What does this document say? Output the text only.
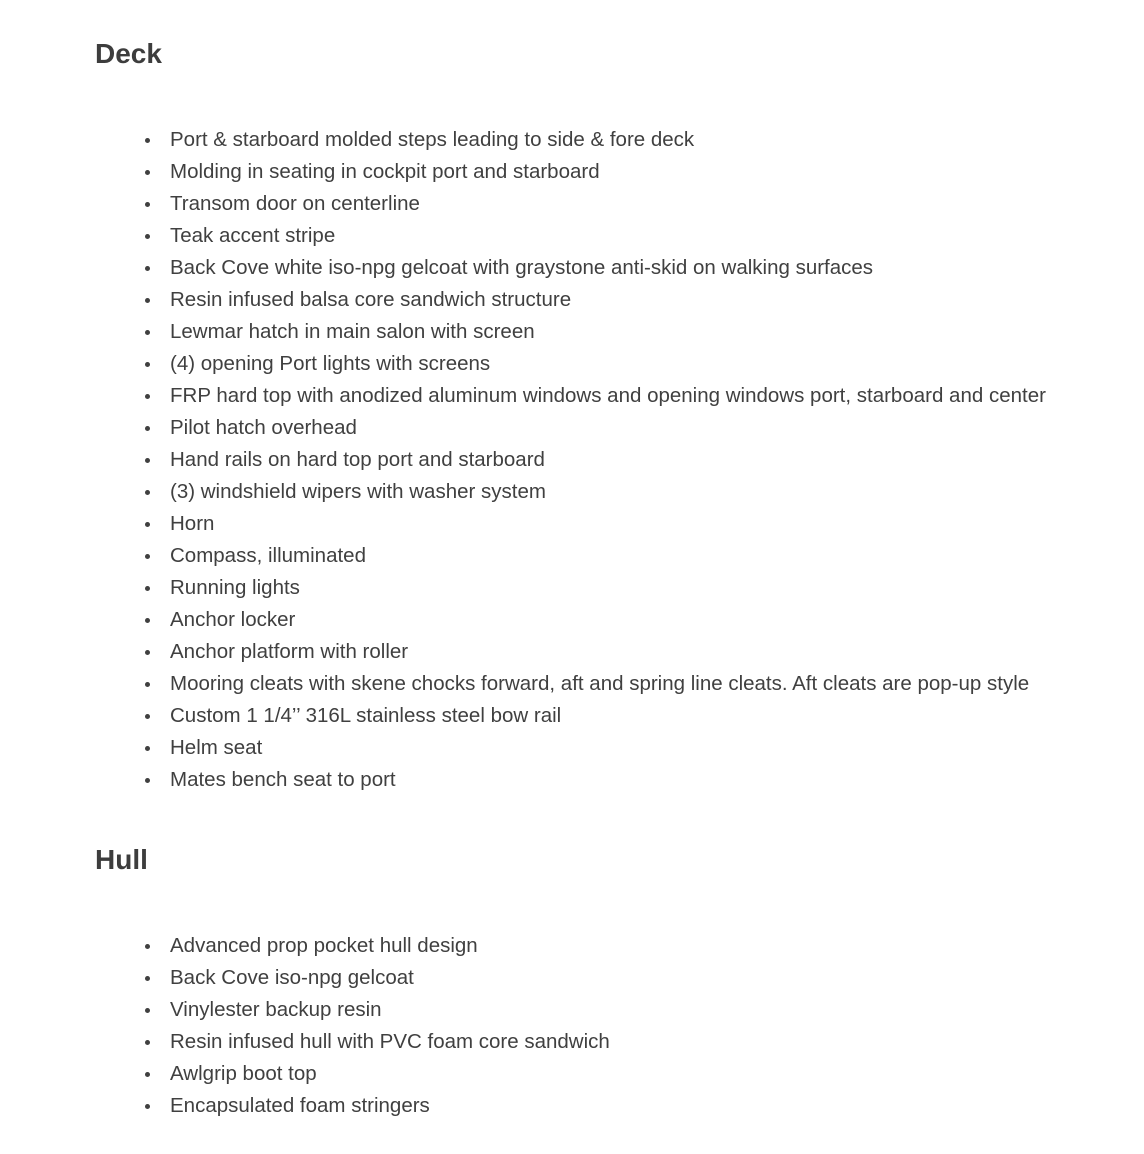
Deck
Port & starboard molded steps leading to side & fore deck
Molding in seating in cockpit port and starboard
Transom door on centerline
Teak accent stripe
Back Cove white iso-npg gelcoat with graystone anti-skid on walking surfaces
Resin infused balsa core sandwich structure
Lewmar hatch in main salon with screen
(4) opening Port lights with screens
FRP hard top with anodized aluminum windows and opening windows port, starboard and center
Pilot hatch overhead
Hand rails on hard top port and starboard
(3) windshield wipers with washer system
Horn
Compass, illuminated
Running lights
Anchor locker
Anchor platform with roller
Mooring cleats with skene chocks forward, aft and spring line cleats. Aft cleats are pop-up style
Custom 1 1/4’’ 316L stainless steel bow rail
Helm seat
Mates bench seat to port
Hull
Advanced prop pocket hull design
Back Cove iso-npg gelcoat
Vinylester backup resin
Resin infused hull with PVC foam core sandwich
Awlgrip boot top
Encapsulated foam stringers
